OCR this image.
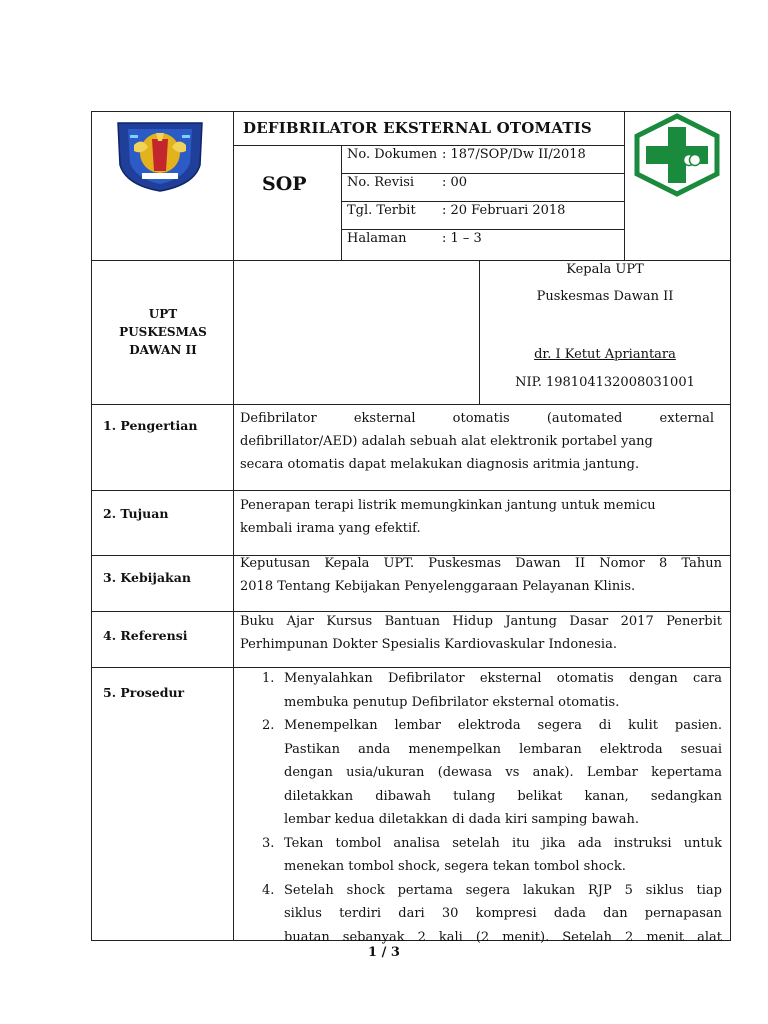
DEFIBRILATOR EKSTERNAL OTOMATIS
SOP
No. Dokumen : 187/SOP/Dw II/2018
No. Revisi : 00
Tgl. Terbit : 20 Februari 2018
Halaman	: 1 – 3
UPT
PUSKESMAS
DAWAN II
Kepala UPT
Puskesmas Dawan II
dr. I Ketut Apriantara
NIP. 198104132008031001
1. Pengertian	Defibrilator eksternal otomatis (automated external
defibrillator/AED) adalah sebuah alat elektronik portabel yang
secara otomatis dapat melakukan diagnosis aritmia jantung.
2. Tujuan
Penerapan terapi listrik memungkinkan jantung untuk memicu
kembali irama yang efektif.
3. Kebijakan
Keputusan Kepala UPT. Puskesmas Dawan II Nomor 8 Tahun
2018 Tentang Kebijakan Penyelenggaraan Pelayanan Klinis.
4. Referensi
Buku Ajar Kursus Bantuan Hidup Jantung Dasar 2017 Penerbit
Perhimpunan Dokter Spesialis Kardiovaskular Indonesia.
5. Prosedur
1. Menyalahkan Defibrilator eksternal otomatis dengan cara
membuka penutup Defibrilator eksternal otomatis.
2. Menempelkan lembar elektroda segera di kulit pasien.
Pastikan anda menempelkan lembaran elektroda sesuai
dengan usia/ukuran (dewasa vs anak). Lembar kepertama
diletakkan dibawah tulang belikat kanan, sedangkan
lembar kedua diletakkan di dada kiri samping bawah.
3. Tekan tombol analisa setelah itu jika ada instruksi untuk
menekan tombol shock, segera tekan tombol shock.
4. Setelah shock pertama segera lakukan RJP 5 siklus tiap
siklus terdiri dari 30 kompresi dada dan pernapasan
buatan sebanyak 2 kali (2 menit). Setelah 2 menit alat
1 / 3
